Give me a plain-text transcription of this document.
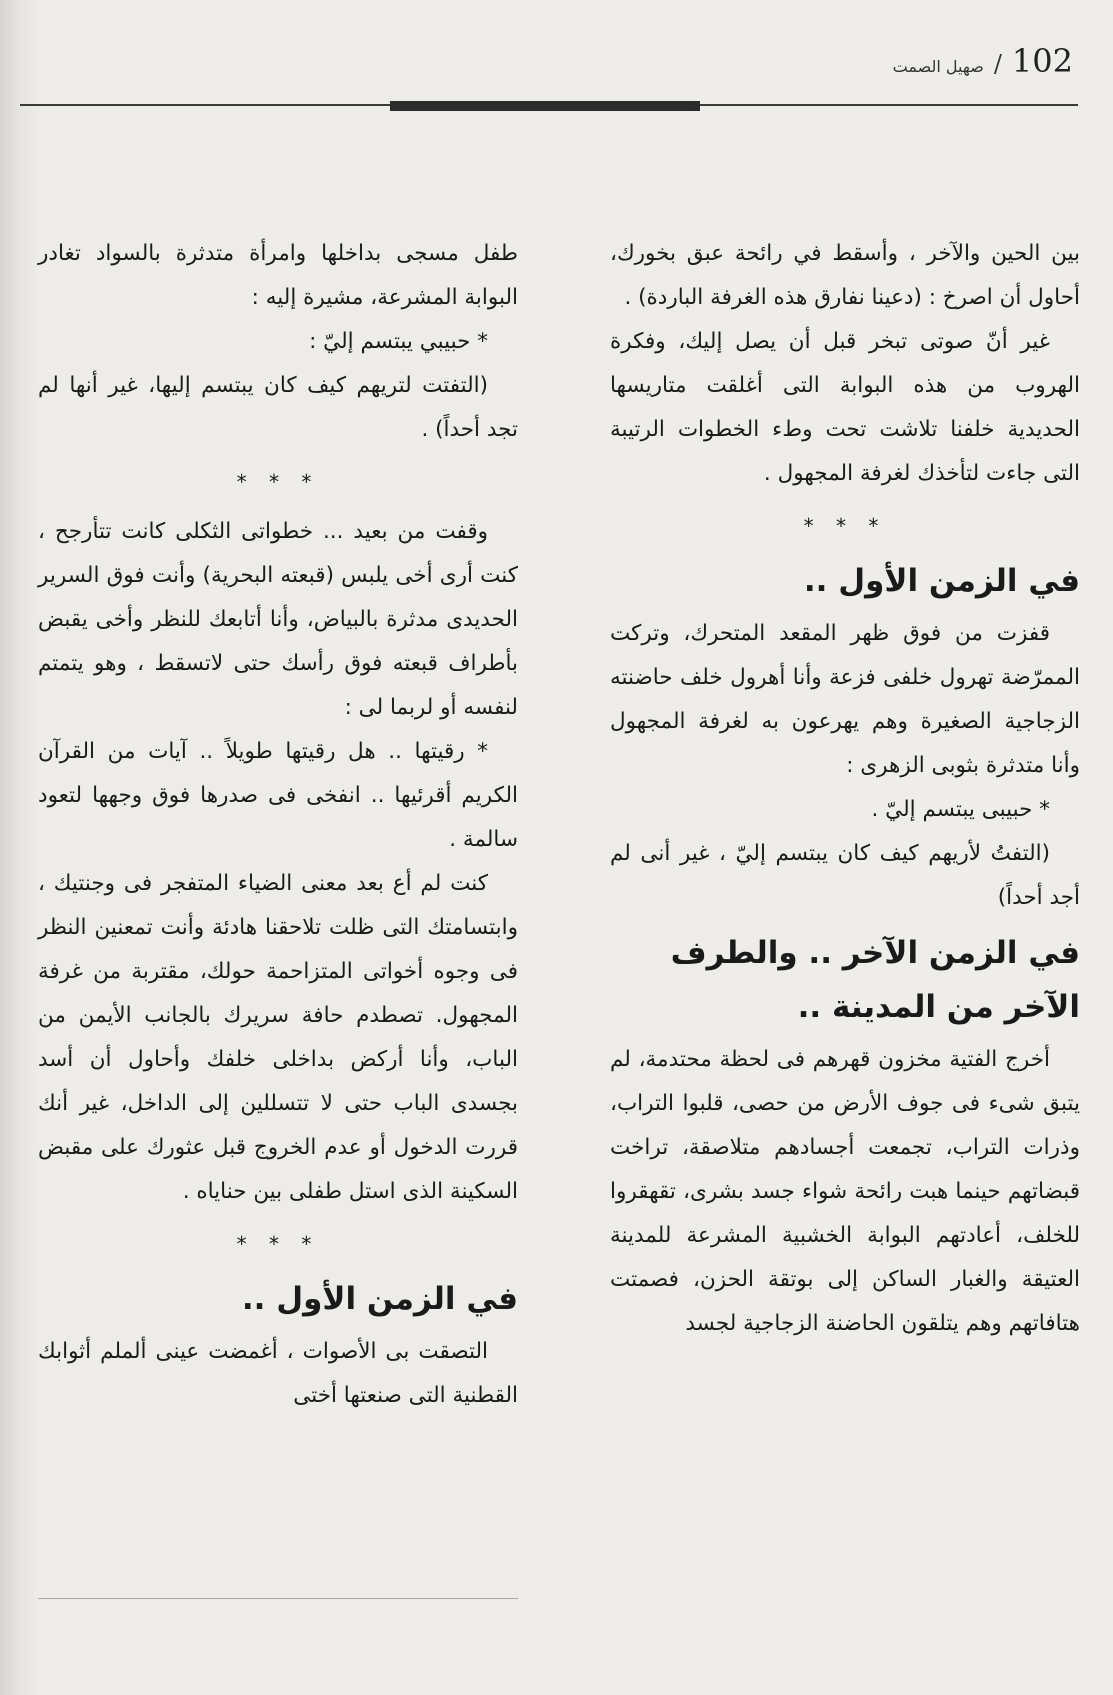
صهيل الصمت / 102

بين الحين والآخر ، وأسقط في رائحة عبق بخورك، أحاول أن اصرخ : (دعينا نفارق هذه الغرفة الباردة) .

غير أنّ صوتى تبخر قبل أن يصل إليك، وفكرة الهروب من هذه البوابة التى أغلقت متاريسها الحديدية خلفنا تلاشت تحت وطء الخطوات الرتيبة التى جاءت لتأخذك لغرفة المجهول .

* * *
في الزمن الأول ..

قفزت من فوق ظهر المقعد المتحرك، وتركت الممرّضة تهرول خلفى فزعة وأنا أهرول خلف حاضنته الزجاجية الصغيرة وهم يهرعون به لغرفة المجهول وأنا متدثرة بثوبى الزهرى :

* حبيبى يبتسم إليّ .

(التفتُ لأريهم كيف كان يبتسم إليّ ، غير أنى لم أجد أحداً)

في الزمن الآخر .. والطرف الآخر من المدينة ..

أخرج الفتية مخزون قهرهم فى لحظة محتدمة، لم يتبق شىء فى جوف الأرض من حصى، قلبوا التراب، وذرات التراب، تجمعت أجسادهم متلاصقة، تراخت قبضاتهم حينما هبت رائحة شواء جسد بشرى، تقهقروا للخلف، أعادتهم البوابة الخشبية المشرعة للمدينة العتيقة والغبار الساكن إلى بوتقة الحزن، فصمتت هتافاتهم وهم يتلقون الحاضنة الزجاجية لجسد

طفل مسجى بداخلها وامرأة متدثرة بالسواد تغادر البوابة المشرعة، مشيرة إليه :

* حبيبي يبتسم إليّ :

(التفتت لتريهم كيف كان يبتسم إليها، غير أنها لم تجد أحداً) .

* * *

وقفت من بعيد ... خطواتى الثكلى كانت تتأرجح ، كنت أرى أخى يلبس (قبعته البحرية) وأنت فوق السرير الحديدى مدثرة بالبياض، وأنا أتابعك للنظر وأخى يقبض بأطراف قبعته فوق رأسك حتى لاتسقط ، وهو يتمتم لنفسه أو لربما لى :

* رقيتها .. هل رقيتها طويلاً .. آيات من القرآن الكريم أقرئيها .. انفخى فى صدرها فوق وجهها لتعود سالمة .

كنت لم أع بعد معنى الضياء المتفجر فى وجنتيك ، وابتسامتك التى ظلت تلاحقنا هادئة وأنت تمعنين النظر فى وجوه أخواتى المتزاحمة حولك، مقتربة من غرفة المجهول. تصطدم حافة سريرك بالجانب الأيمن من الباب، وأنا أركض بداخلى خلفك وأحاول أن أسد بجسدى الباب حتى لا تتسللين إلى الداخل، غير أنك قررت الدخول أو عدم الخروج قبل عثورك على مقبض السكينة الذى استل طفلى بين حناياه .

* * *
في الزمن الأول ..

التصقت بى الأصوات ، أغمضت عينى ألملم أثوابك القطنية التى صنعتها أختى
